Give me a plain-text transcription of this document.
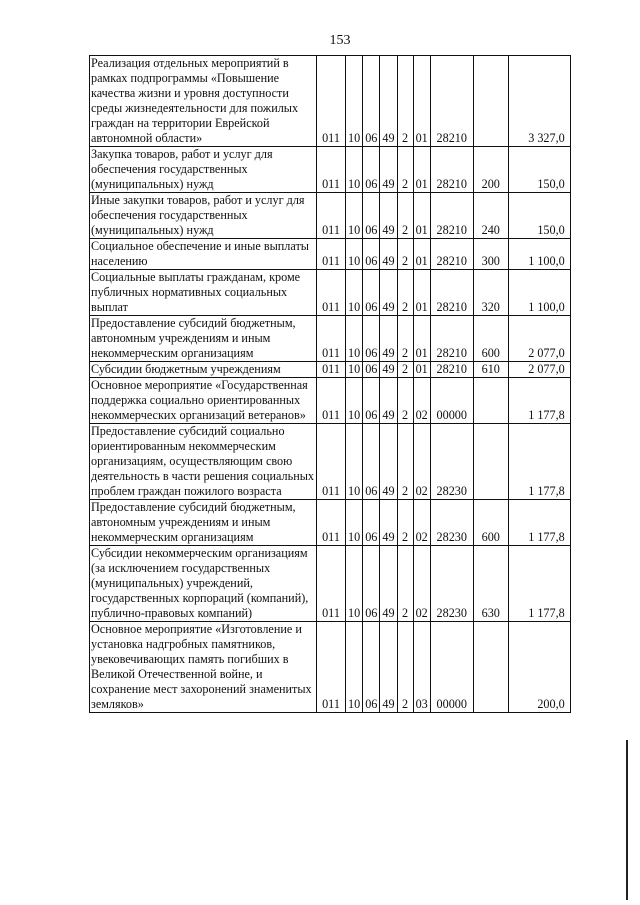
153
Реализация отдельных мероприятий в рамках подпрограммы «Повышение качества жизни и уровня доступности среды жизнедеятельности для пожилых граждан на территории Еврейской автономной области»	011	10	06	49	2	01	28210		3 327,0
Закупка товаров, работ и услуг для обеспечения государственных (муниципальных) нужд	011	10	06	49	2	01	28210	200	150,0
Иные закупки товаров, работ и услуг для обеспечения государственных (муниципальных) нужд	011	10	06	49	2	01	28210	240	150,0
Социальное обеспечение и иные выплаты населению	011	10	06	49	2	01	28210	300	1 100,0
Социальные выплаты гражданам, кроме публичных нормативных социальных выплат	011	10	06	49	2	01	28210	320	1 100,0
Предоставление субсидий бюджетным, автономным учреждениям и иным некоммерческим организациям	011	10	06	49	2	01	28210	600	2 077,0
Субсидии бюджетным учреждениям	011	10	06	49	2	01	28210	610	2 077,0
Основное мероприятие «Государственная поддержка социально ориентированных некоммерческих организаций ветеранов»	011	10	06	49	2	02	00000		1 177,8
Предоставление субсидий социально ориентированным некоммерческим организациям, осуществляющим свою деятельность в части решения социальных проблем граждан пожилого возраста	011	10	06	49	2	02	28230		1 177,8
Предоставление субсидий бюджетным, автономным учреждениям и иным некоммерческим организациям	011	10	06	49	2	02	28230	600	1 177,8
Субсидии некоммерческим организациям (за исключением государственных (муниципальных) учреждений, государственных корпораций (компаний), публично-правовых компаний)	011	10	06	49	2	02	28230	630	1 177,8
Основное мероприятие «Изготовление и установка надгробных памятников, увековечивающих память погибших в Великой Отечественной войне, и сохранение мест захоронений знаменитых земляков»	011	10	06	49	2	03	00000		200,0
